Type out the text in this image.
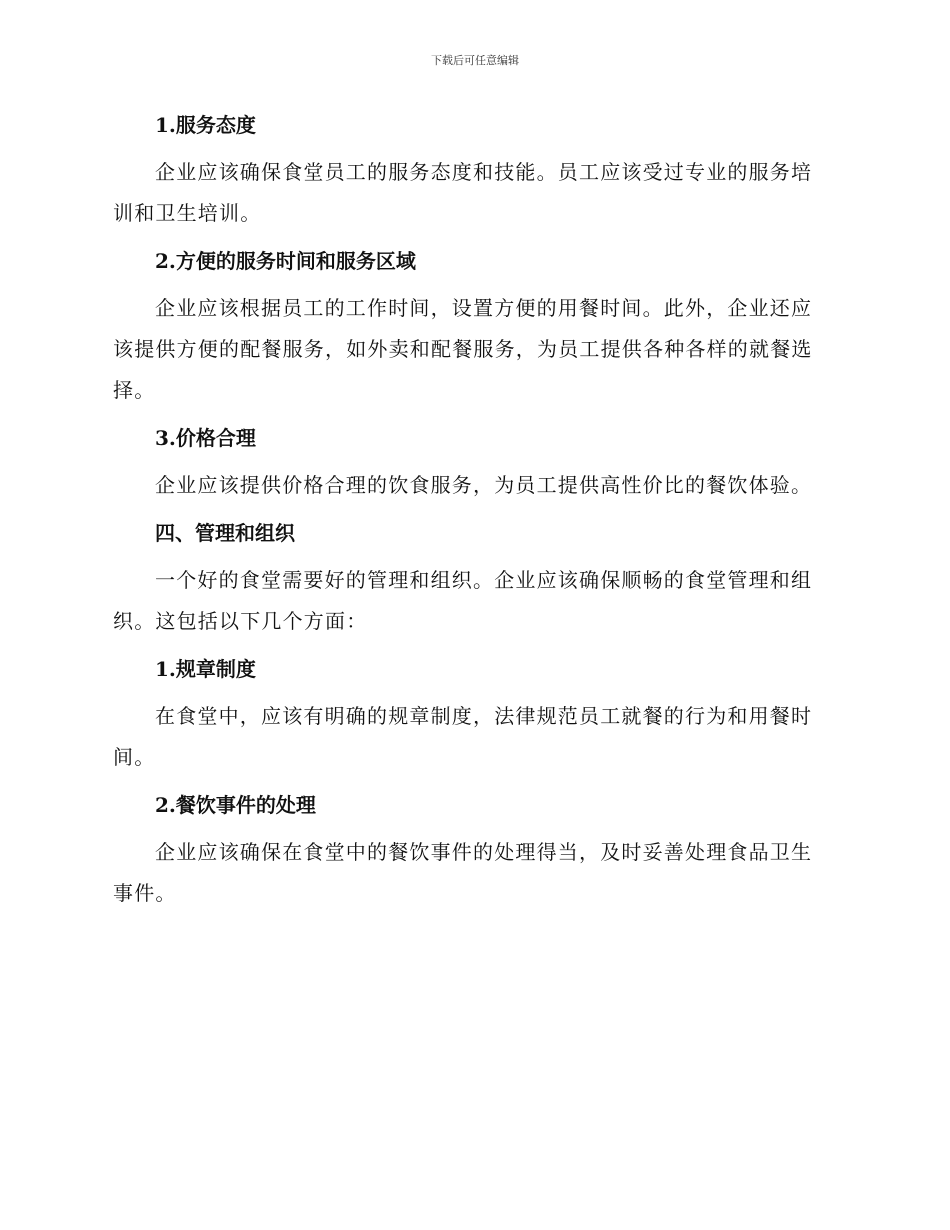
下载后可任意编辑
1.服务态度
企业应该确保食堂员工的服务态度和技能。员工应该受过专业的服务培训和卫生培训。
2.方便的服务时间和服务区域
企业应该根据员工的工作时间，设置方便的用餐时间。此外，企业还应该提供方便的配餐服务，如外卖和配餐服务，为员工提供各种各样的就餐选择。
3.价格合理
企业应该提供价格合理的饮食服务，为员工提供高性价比的餐饮体验。
四、管理和组织
一个好的食堂需要好的管理和组织。企业应该确保顺畅的食堂管理和组织。这包括以下几个方面：
1.规章制度
在食堂中，应该有明确的规章制度，法律规范员工就餐的行为和用餐时间。
2.餐饮事件的处理
企业应该确保在食堂中的餐饮事件的处理得当，及时妥善处理食品卫生事件。
